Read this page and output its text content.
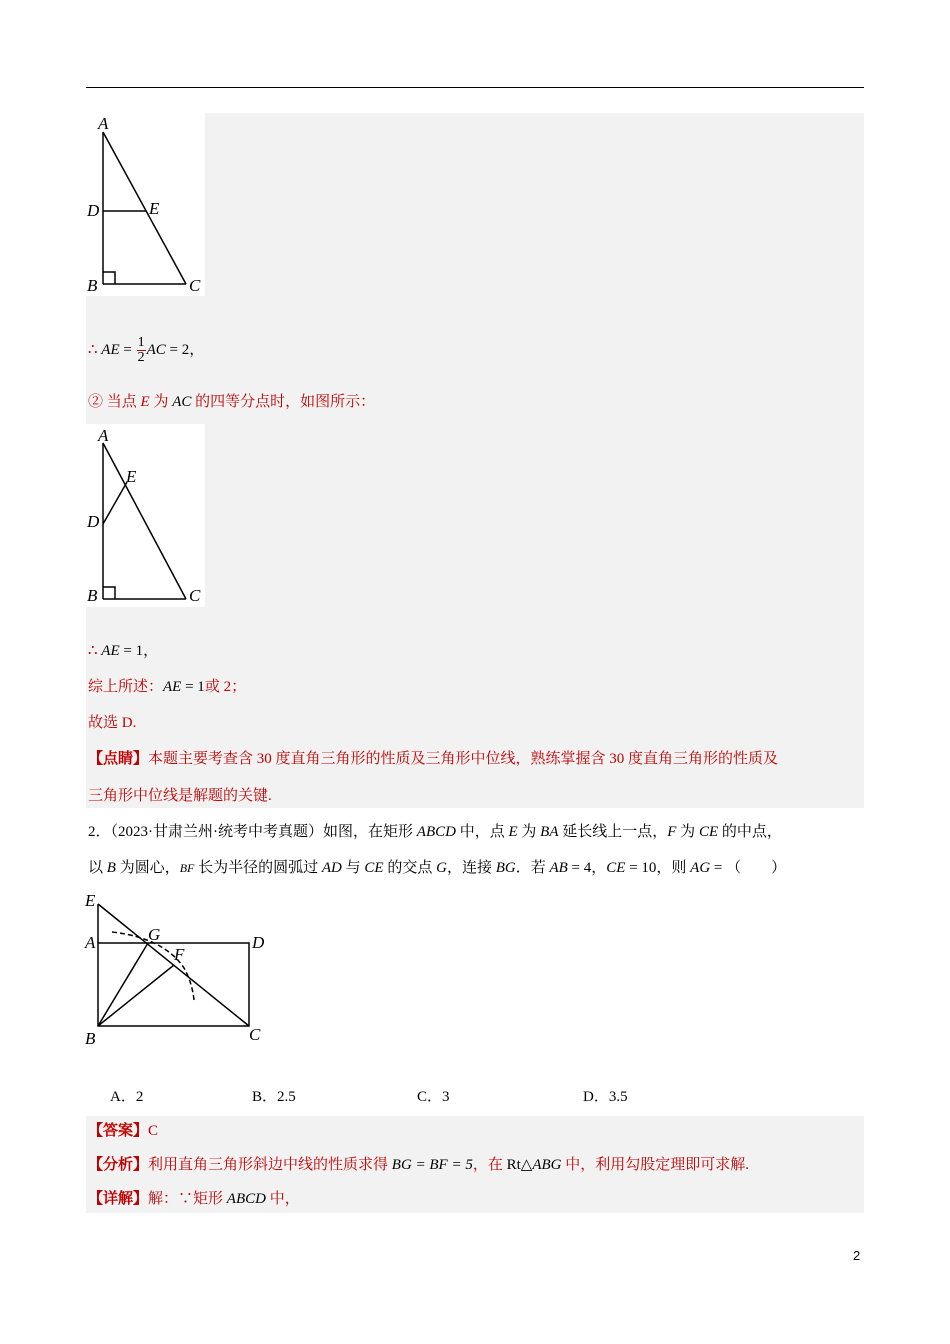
A
D	E
B	C
∴ AE = $\frac{1}{2}$ AC = 2，
② 当点 E 为 AC 的四等分点时，如图所示：
A
D
E
B	C
∴ AE = 1，
综上所述：AE = 1或 2；
故选 D.
【点睛】本题主要考查含 30 度直角三角形的性质及三角形中位线，熟练掌握含 30 度直角三角形的性质及
三角形中位线是解题的关键.
2．（2023·甘肃兰州·统考中考真题）如图，在矩形 ABCD 中，点 E 为 BA 延长线上一点，F 为 CE 的中点，
以 B 为圆心，BF 长为半径的圆弧过 AD 与 CE 的交点 G，连接 BG．若 AB = 4，CE = 10，则 AG = （　　）
E
A	G	D
F
B	C
A．2	B．2.5	C．3	D．3.5
【答案】C
【分析】利用直角三角形斜边中线的性质求得 BG = BF = 5，在 Rt△ABG 中，利用勾股定理即可求解.
【详解】解：∵矩形 ABCD 中，
2
